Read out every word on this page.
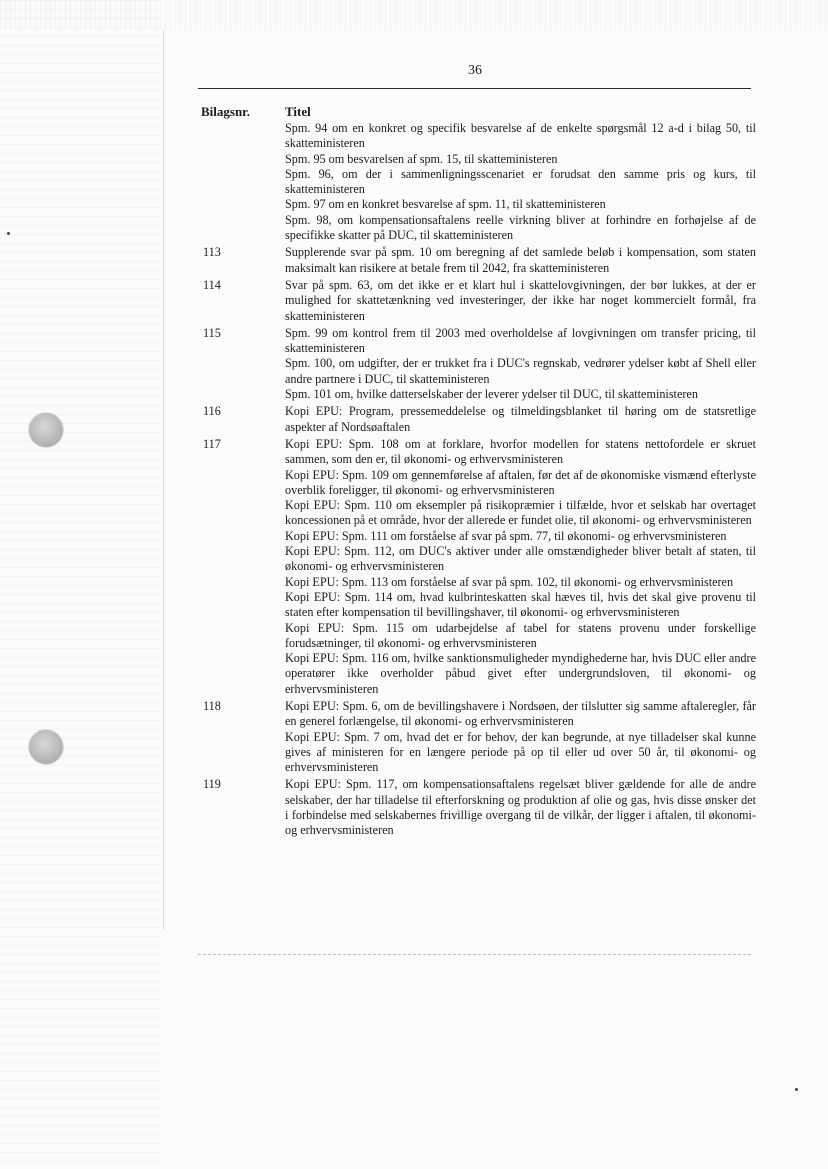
36
Bilagsnr.	Titel
Spm. 94 om en konkret og specifik besvarelse af de enkelte spørgsmål 12 a-d i bilag 50, til skatteministeren
Spm. 95 om besvarelsen af spm. 15, til skatteministeren
Spm. 96, om der i sammenligningsscenariet er forudsat den samme pris og kurs, til skatteministeren
Spm. 97 om en konkret besvarelse af spm. 11, til skatteministeren
Spm. 98, om kompensationsaftalens reelle virkning bliver at forhindre en forhøjelse af de specifikke skatter på DUC, til skatteministeren
113	Supplerende svar på spm. 10 om beregning af det samlede beløb i kompensation, som staten maksimalt kan risikere at betale frem til 2042, fra skatteministeren
114	Svar på spm. 63, om det ikke er et klart hul i skattelovgivningen, der bør lukkes, at der er mulighed for skattetænkning ved investeringer, der ikke har noget kommercielt formål, fra skatteministeren
115	Spm. 99 om kontrol frem til 2003 med overholdelse af lovgivningen om transfer pricing, til skatteministeren
Spm. 100, om udgifter, der er trukket fra i DUC's regnskab, vedrører ydelser købt af Shell eller andre partnere i DUC, til skatteministeren
Spm. 101 om, hvilke datterselskaber der leverer ydelser til DUC, til skatteministeren
116	Kopi EPU: Program, pressemeddelelse og tilmeldingsblanket til høring om de statsretlige aspekter af Nordsøaftalen
117	Kopi EPU: Spm. 108 om at forklare, hvorfor modellen for statens nettofordele er skruet sammen, som den er, til økonomi- og erhvervsministeren
Kopi EPU: Spm. 109 om gennemførelse af aftalen, før det af de økonomiske vismænd efterlyste overblik foreligger, til økonomi- og erhvervsministeren
Kopi EPU: Spm. 110 om eksempler på risikopræmier i tilfælde, hvor et selskab har overtaget koncessionen på et område, hvor der allerede er fundet olie, til økonomi- og erhvervsministeren
Kopi EPU: Spm. 111 om forståelse af svar på spm. 77, til økonomi- og erhvervsministeren
Kopi EPU: Spm. 112, om DUC's aktiver under alle omstændigheder bliver betalt af staten, til økonomi- og erhvervsministeren
Kopi EPU: Spm. 113 om forståelse af svar på spm. 102, til økonomi- og erhvervsministeren
Kopi EPU: Spm. 114 om, hvad kulbrinteskatten skal hæves til, hvis det skal give provenu til staten efter kompensation til bevillingshaver, til økonomi- og erhvervsministeren
Kopi EPU: Spm. 115 om udarbejdelse af tabel for statens provenu under forskellige forudsætninger, til økonomi- og erhvervsministeren
Kopi EPU: Spm. 116 om, hvilke sanktionsmuligheder myndighederne har, hvis DUC eller andre operatører ikke overholder påbud givet efter undergrundsloven, til økonomi- og erhvervsministeren
118	Kopi EPU: Spm. 6, om de bevillingshavere i Nordsøen, der tilslutter sig samme aftaleregler, får en generel forlængelse, til økonomi- og erhvervsministeren
Kopi EPU: Spm. 7 om, hvad det er for behov, der kan begrunde, at nye tilladelser skal kunne gives af ministeren for en længere periode på op til eller ud over 50 år, til økonomi- og erhvervsministeren
119	Kopi EPU: Spm. 117, om kompensationsaftalens regelsæt bliver gældende for alle de andre selskaber, der har tilladelse til efterforskning og produktion af olie og gas, hvis disse ønsker det i forbindelse med selskabernes frivillige overgang til de vilkår, der ligger i aftalen, til økonomi- og erhvervsministeren
